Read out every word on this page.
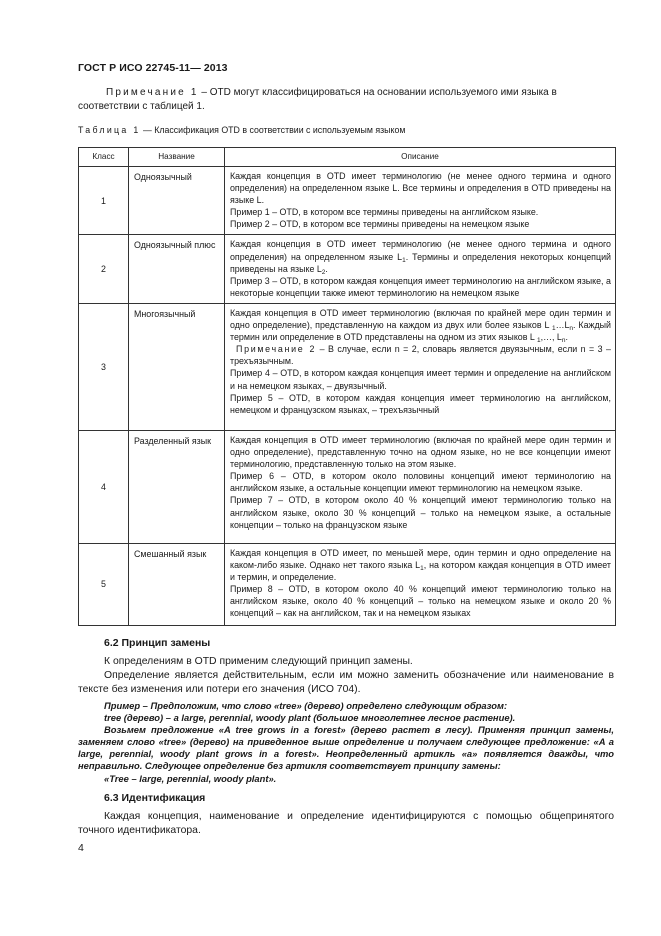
ГОСТ Р ИСО 22745-11— 2013
Примечание 1 – OTD могут классифицироваться на основании используемого ими языка в
соответствии с таблицей 1.
Таблица 1 — Классификация OTD в соответствии с используемым языком
Класс	Название	Описание
1	Одноязычный	Каждая концепция в OTD имеет терминологию (не менее одного термина и одного определения) на определенном языке L. Все термины и определения в OTD приведены на языке L.
Пример 1 – OTD, в котором все термины приведены на английском языке.
Пример 2 – OTD, в котором все термины приведены на немецком языке

2	Одноязычный плюс	Каждая концепция в OTD имеет терминологию (не менее одного термина и одного определения) на определенном языке $L_1$. Термины и определения некоторых концепций приведены на языке $L_2$.
Пример 3 – OTD, в котором каждая концепция имеет терминологию на английском языке, а некоторые концепции также имеют терминологию на немецком языке

3	Многоязычный	Каждая концепция в OTD имеет терминологию (включая по крайней мере один термин и одно определение), представленную на каждом из двух или более языков L $_1\dots L_n$. Каждый термин или определение в OTD представлены на одном из этих языков L $_1$,…, $L_n$.
Примечание 2 – В случае, если n = 2, словарь является двуязычным, если n = 3 – трехъязычным.
Пример 4 – OTD, в котором каждая концепция имеет термин и определение на английском и на немецком языках, – двуязычный.
Пример 5 – OTD, в котором каждая концепция имеет терминологию на английском, немецком и французском языках, – трехъязычный

4	Разделенный язык	Каждая концепция в OTD имеет терминологию (включая по крайней мере один термин и одно определение), представленную точно на одном языке, но не все концепции имеют терминологию, представленную только на этом языке.
Пример 6 – OTD, в котором около половины концепций имеют терминологию на английском языке, а остальные концепции имеют терминологию на немецком языке.
Пример 7 – OTD, в котором около 40 % концепций имеют терминологию только на английском языке, около 30 % концепций – только на немецком языке, а остальные концепции – только на французском языке

5	Смешанный язык	Каждая концепция в OTD имеет, по меньшей мере, один термин и одно определение на каком-либо языке. Однако нет такого языка $L_1$, на котором каждая концепция в OTD имеет и термин, и определение.
Пример 8 – OTD, в котором около 40 % концепций имеют терминологию только на английском языке, около 40 % концепций – только на немецком языке и около 20 % концепций – как на английском, так и на немецком языках
6.2 Принцип замены

К определениям в OTD применим следующий принцип замены.

Определение является действительным, если им можно заменить обозначение или наименование в тексте без изменения или потери его значения (ИСО 704).

Пример – Предположим, что слово «tree» (дерево) определено следующим образом:

tree (дерево) – a large, perennial, woody plant (большое многолетнее лесное растение).

Возьмем предложение «A tree grows in a forest» (дерево растет в лесу). Применяя принцип замены, заменяем слово «tree» (дерево) на приведенное выше определение и получаем следующее предложение: «A a large, perennial, woody plant grows in a forest». Неопределенный артикль «a» появляется дважды, что неправильно. Следующее определение без артикля соответствует принципу замены:

«Tree – large, perennial, woody plant».

6.3 Идентификация

Каждая концепция, наименование и определение идентифицируются с помощью общепринятого точного идентификатора.

4
